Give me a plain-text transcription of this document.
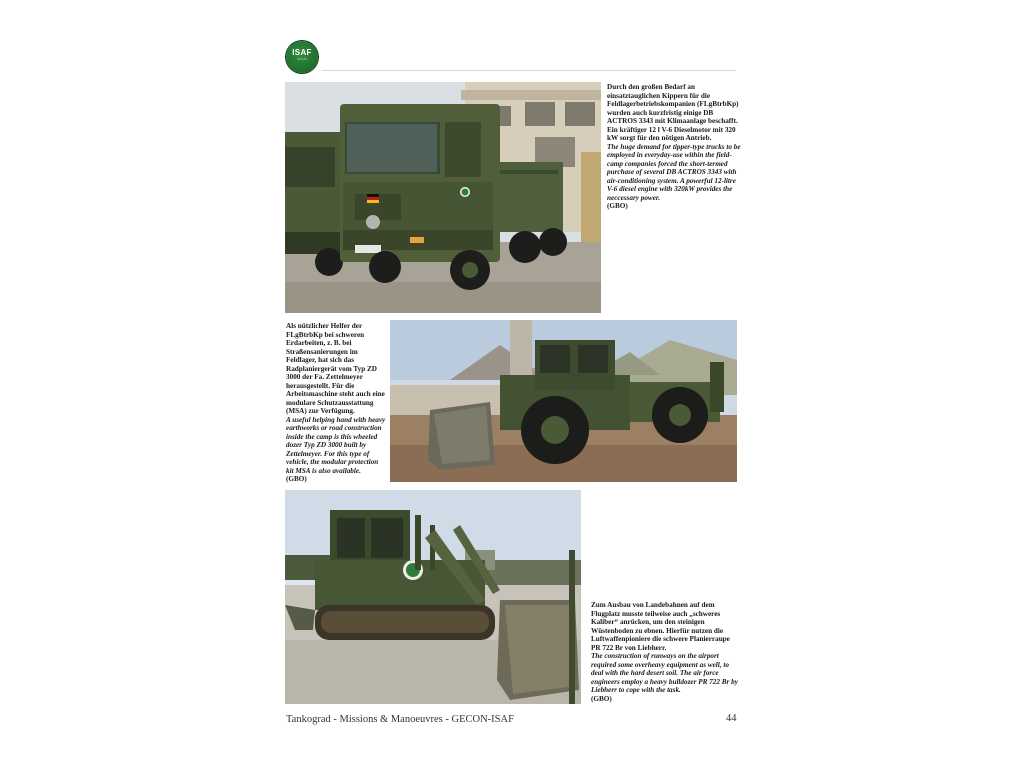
ISAF
~~~
Durch den großen Bedarf an einsatztauglichen Kippern für die Feldlagerbetriebskompanien (FLgBtrbKp) wurden auch kurzfristig einige DB ACTROS 3343 mit Klimaanlage beschafft. Ein kräftiger 12 l V-6 Dieselmotor mit 320 kW sorgt für den nötigen Antrieb.
The huge demand for tipper-type trucks to be employed in everyday-use within the field-camp companies forced the short-termed purchase of several DB ACTROS 3343 with air-conditioning system. A powerful 12-litre V-6 diesel engine with 320kW provides the neccessary power.
(GBO)
Als nützlicher Helfer der FLgBtrbKp bei schweren Erdarbeiten, z. B. bei Straßensanierungen im Feldlager, hat sich das Radplaniergerät vom Typ ZD 3000 der Fa. Zettelmeyer herausgestellt. Für die Arbeitsmaschine steht auch eine modulare Schutzausstattung (MSA) zur Verfügung.
A useful helping hand with heavy earthworks or road construction inside the camp is this wheeled dozer Typ ZD 3000 built by Zettelmeyer. For this type of vehicle, the modular protection kit MSA is also available.
(GBO)
Zum Ausbau von Landebahnen auf dem Flugplatz musste teilweise auch „schweres Kaliber“ anrücken, um den steinigen Wüstenboden zu ebnen. Hierfür nutzen die Luftwaffenpioniere die schwere Planierraupe PR 722 Br von Liebherr.
The construction of runways on the airport required some overheavy equipment as well, to deal with the hard desert soil. The air force engineers employ a heavy bulldozer PR 722 Br by Liebherr to cope with the task.
(GBO)
Tankograd - Missions & Manoeuvres - GECON-ISAF	44
